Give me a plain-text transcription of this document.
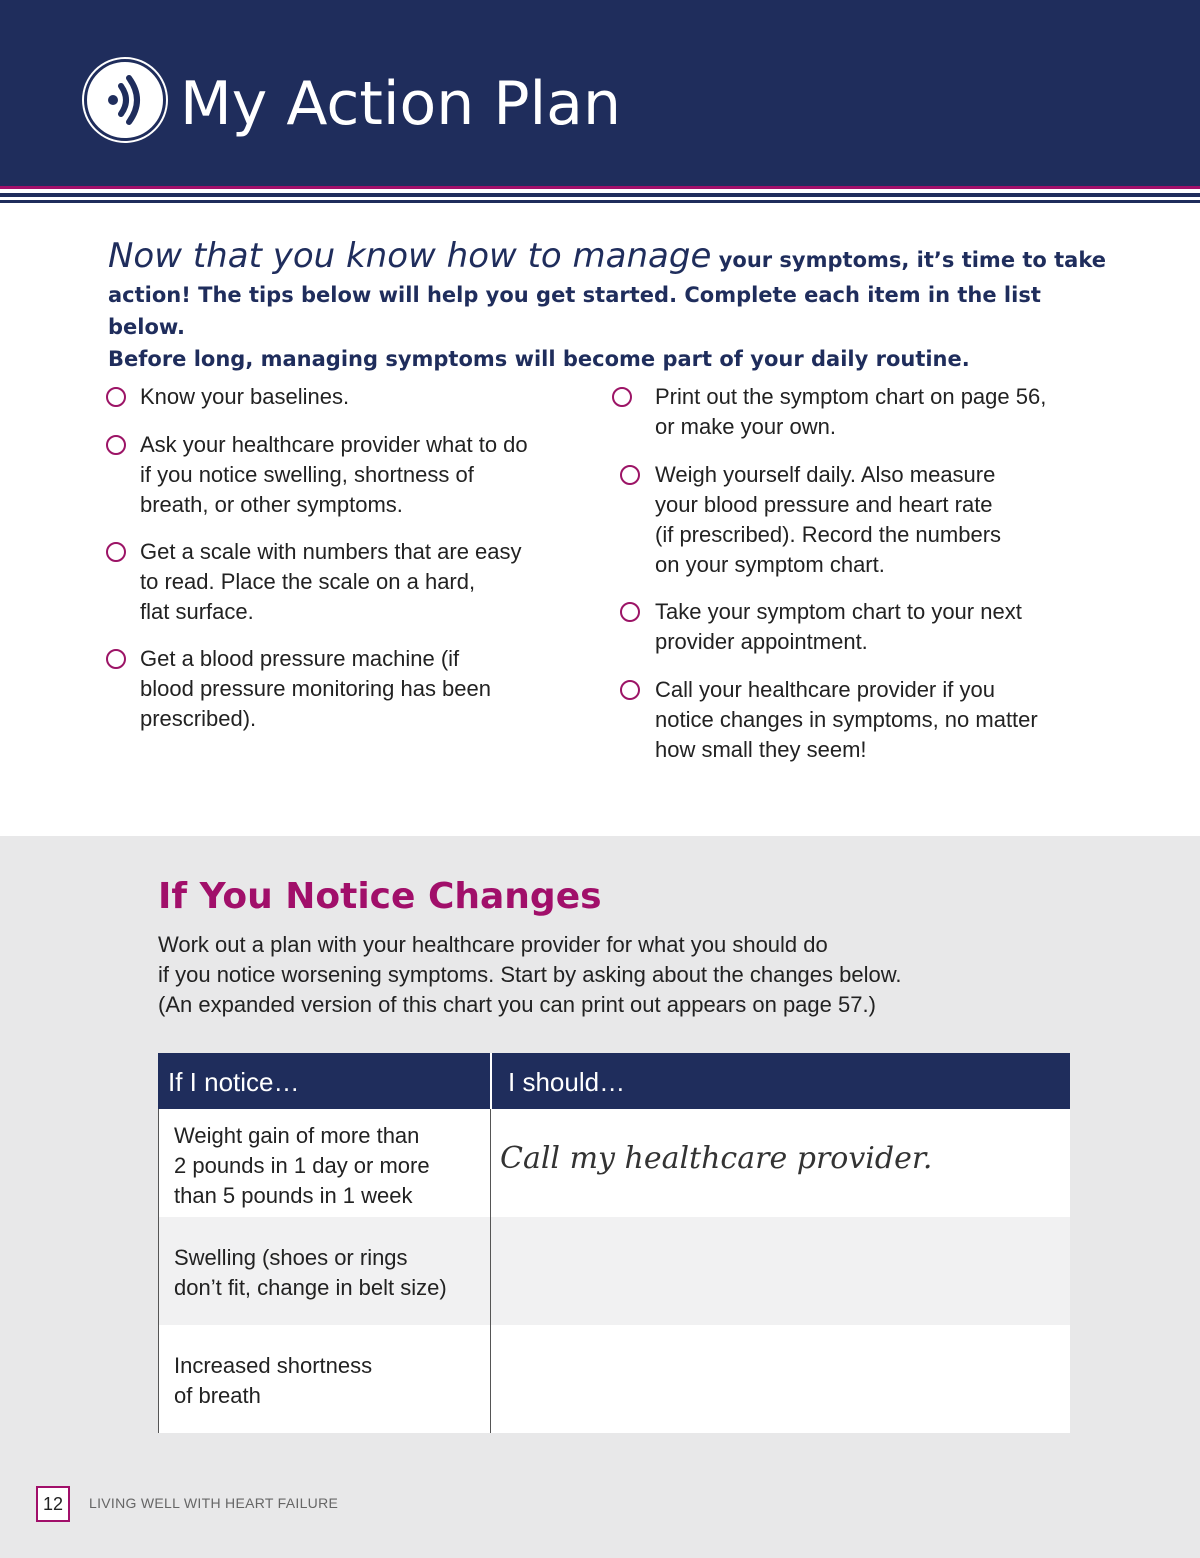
My Action Plan
Now that you know how to manage your symptoms, it’s time to take
action! The tips below will help you get started. Complete each item in the list below.
Before long, managing symptoms will become part of your daily routine.
Know your baselines.
Ask your healthcare provider what to do
if you notice swelling, shortness of
breath, or other symptoms.
Get a scale with numbers that are easy
to read. Place the scale on a hard,
flat surface.
Get a blood pressure machine (if
blood pressure monitoring has been
prescribed).
Print out the symptom chart on page 56,
or make your own.
Weigh yourself daily. Also measure
your blood pressure and heart rate
(if prescribed). Record the numbers
on your symptom chart.
Take your symptom chart to your next
provider appointment.
Call your healthcare provider if you
notice changes in symptoms, no matter
how small they seem!
If You Notice Changes
Work out a plan with your healthcare provider for what you should do
if you notice worsening symptoms. Start by asking about the changes below.
(An expanded version of this chart you can print out appears on page 57.)
If I notice…	I should…
Weight gain of more than
2 pounds in 1 day or more
than 5 pounds in 1 week
Call my healthcare provider.
Swelling (shoes or rings
don’t fit, change in belt size)
Increased shortness
of breath
12	LIVING WELL WITH HEART FAILURE
